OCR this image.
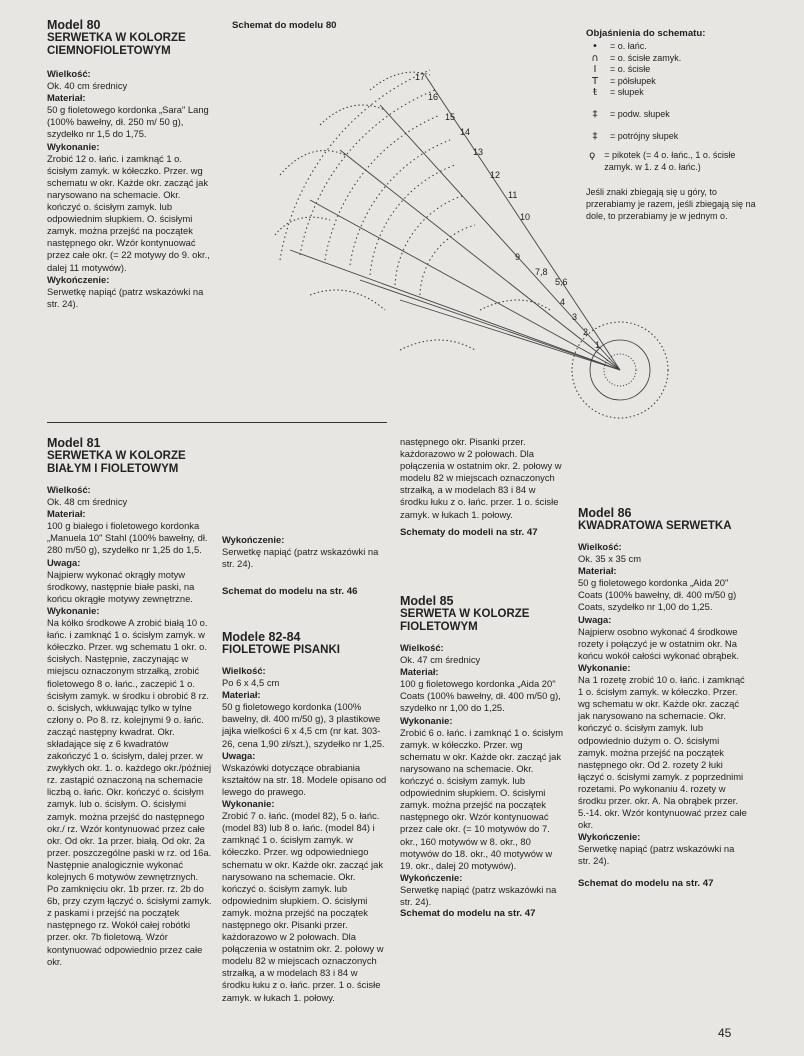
Model 80
SERWETKA W KOLORZE CIEMNOFIOLETOWYM

Wielkość:

Ok. 40 cm średnicy

Materiał:

50 g fioletowego kordonka „Sara" Lang (100% bawełny, dł. 250 m/ 50 g), szydełko nr 1,5 do 1,75.

Wykonanie:

Zrobić 12 o. łańc. i zamknąć 1 o. ścisłym zamyk. w kółeczko. Przer. wg schematu w okr. Każde okr. zacząć jak narysowano na schemacie. Okr. kończyć o. ścisłym zamyk. lub odpowiednim słupkiem. O. ścisłymi zamyk. można przejść na początek następnego okr. Wzór kontynuować przez całe okr. (= 22 motywy do 9. okr., dalej 11 motywów).

Wykończenie:

Serwetkę napiąć (patrz wskazówki na str. 24).

Schemat do modelu 80
17
16
15
14
13
12
11
10
9
7,8
5,6
4
3
2
1
Objaśnienia do schematu:
•	= o. łańc.
∩	= o. ścisłe zamyk.
I	= o. ścisłe
T	= półsłupek
ŧ	= słupek
‡	= podw. słupek
‡	= potrójny słupek
ϙ	= pikotek (= 4 o. łańc., 1 o. ścisłe zamyk. w 1. z 4 o. łańc.)
Jeśli znaki zbiegają się u góry, to przerabiamy je razem, jeśli zbiegają się na dole, to przerabiamy je w jednym o.
Model 81
SERWETKA W KOLORZE BIAŁYM I FIOLETOWYM

Wielkość:

Ok. 48 cm średnicy

Materiał:

100 g białego i fioletowego kordonka „Manuela 10" Stahl (100% bawełny, dł. 280 m/50 g), szydełko nr 1,25 do 1,5.

Uwaga:

Najpierw wykonać okrągły motyw środkowy, następnie białe paski, na końcu okrągłe motywy zewnętrzne.

Wykonanie:

Na kółko środkowe A zrobić białą 10 o. łańc. i zamknąć 1 o. ścisłym zamyk. w kółeczko. Przer. wg schematu 1 okr. o. ścisłych. Następnie, zaczynając w miejscu oznaczonym strzałką, zrobić fioletowego 8 o. łańc., zaczepić 1 o. ścisłym zamyk. w środku i obrobić 8 rz. o. ścisłych, wkłuwając tylko w tylne człony o. Po 8. rz. kolejnymi 9 o. łańc. zacząć następny kwadrat. Okr. składające się z 6 kwadratów zakończyć 1 o. ścisłym, dalej przer. w zwykłych okr. 1. o. każdego okr./później rz. zastąpić oznaczoną na schemacie liczbą o. łańc. Okr. kończyć o. ścisłym zamyk. lub o. ścisłym. O. ścisłymi zamyk. można przejść do następnego okr./ rz. Wzór kontynuować przez całe okr. Od okr. 1a przer. białą. Od okr. 2a przer. poszczególne paski w rz. od 16a. Następnie analogicznie wykonać kolejnych 6 motywów zewnętrznych. Po zamknięciu okr. 1b przer. rz. 2b do 6b, przy czym łączyć o. ścisłymi zamyk. z paskami i przejść na początek następnego rz. Wokół całej robótki przer. okr. 7b fioletową. Wzór kontynuować odpowiednio przez całe okr.

Wykończenie:

Serwetkę napiąć (patrz wskazówki na str. 24).

Schemat do modelu na str. 46

Modele 82-84
FIOLETOWE PISANKI

Wielkość:

Po 6 x 4,5 cm

Materiał:

50 g fioletowego kordonka (100% bawełny, dł. 400 m/50 g), 3 plastikowe jajka wielkości 6 x 4,5 cm (nr kat. 303-26, cena 1,90 zł/szt.), szydełko nr 1,25.

Uwaga:

Wskazówki dotyczące obrabiania kształtów na str. 18. Modele opisano od lewego do prawego.

Wykonanie:

Zrobić 7 o. łańc. (model 82), 5 o. łańc. (model 83) lub 8 o. łańc. (model 84) i zamknąć 1 o. ścisłym zamyk. w kółeczko. Przer. wg odpowiedniego schematu w okr. Każde okr. zacząć jak narysowano na schemacie. Okr. kończyć o. ścisłym zamyk. lub odpowiednim słupkiem. O. ścisłymi zamyk. można przejść na początek następnego okr. Pisanki przer. każdorazowo w 2 połowach. Dla połączenia w ostatnim okr. 2. połowy w modelu 82 w miejscach oznaczonych strzałką, a w modelach 83 i 84 w środku łuku z o. łańc. przer. 1 o. ścisłe zamyk. w łukach 1. połowy.

następnego okr. Pisanki przer. każdorazowo w 2 połowach. Dla połączenia w ostatnim okr. 2. połowy w modelu 82 w miejscach oznaczonych strzałką, a w modelach 83 i 84 w środku łuku z o. łańc. przer. 1 o. ścisłe zamyk. w łukach 1. połowy.

Schematy do modeli na str. 47

Model 85
SERWETA W KOLORZE FIOLETOWYM

Wielkość:

Ok. 47 cm średnicy

Materiał:

100 g fioletowego kordonka „Aida 20" Coats (100% bawełny, dł. 400 m/50 g), szydełko nr 1,00 do 1,25.

Wykonanie:

Zrobić 6 o. łańc. i zamknąć 1 o. ścisłym zamyk. w kółeczko. Przer. wg schematu w okr. Każde okr. zacząć jak narysowano na schemacie. Okr. kończyć o. ścisłym zamyk. lub odpowiednim słupkiem. O. ścisłymi zamyk. można przejść na początek następnego okr. Wzór kontynuować przez całe okr. (= 10 motywów do 7. okr., 160 motywów w 8. okr., 80 motywów do 18. okr., 40 motywów w 19. okr., dalej 20 motywów).

Wykończenie:

Serwetkę napiąć (patrz wskazówki na str. 24).

Schemat do modelu na str. 47

Model 86
KWADRATOWA SERWETKA

Wielkość:

Ok. 35 x 35 cm

Materiał:

50 g fioletowego kordonka „Aida 20" Coats (100% bawełny, dł. 400 m/50 g) Coats, szydełko nr 1,00 do 1,25.

Uwaga:

Najpierw osobno wykonać 4 środkowe rozety i połączyć je w ostatnim okr. Na końcu wokół całości wykonać obrąbek.

Wykonanie:

Na 1 rozetę zrobić 10 o. łańc. i zamknąć 1 o. ścisłym zamyk. w kółeczko. Przer. wg schematu w okr. Każde okr. zacząć jak narysowano na schemacie. Okr. kończyć o. ścisłym zamyk. lub odpowiednio dużym o. O. ścisłymi zamyk. można przejść na początek następnego okr. Od 2. rozety 2 łuki łączyć o. ścisłymi zamyk. z poprzednimi rozetami. Po wykonaniu 4. rozety w środku przer. okr. A. Na obrąbek przer. 5.-14. okr. Wzór kontynuować przez całe okr.

Wykończenie:

Serwetkę napiąć (patrz wskazówki na str. 24).

Schemat do modelu na str. 47

45
